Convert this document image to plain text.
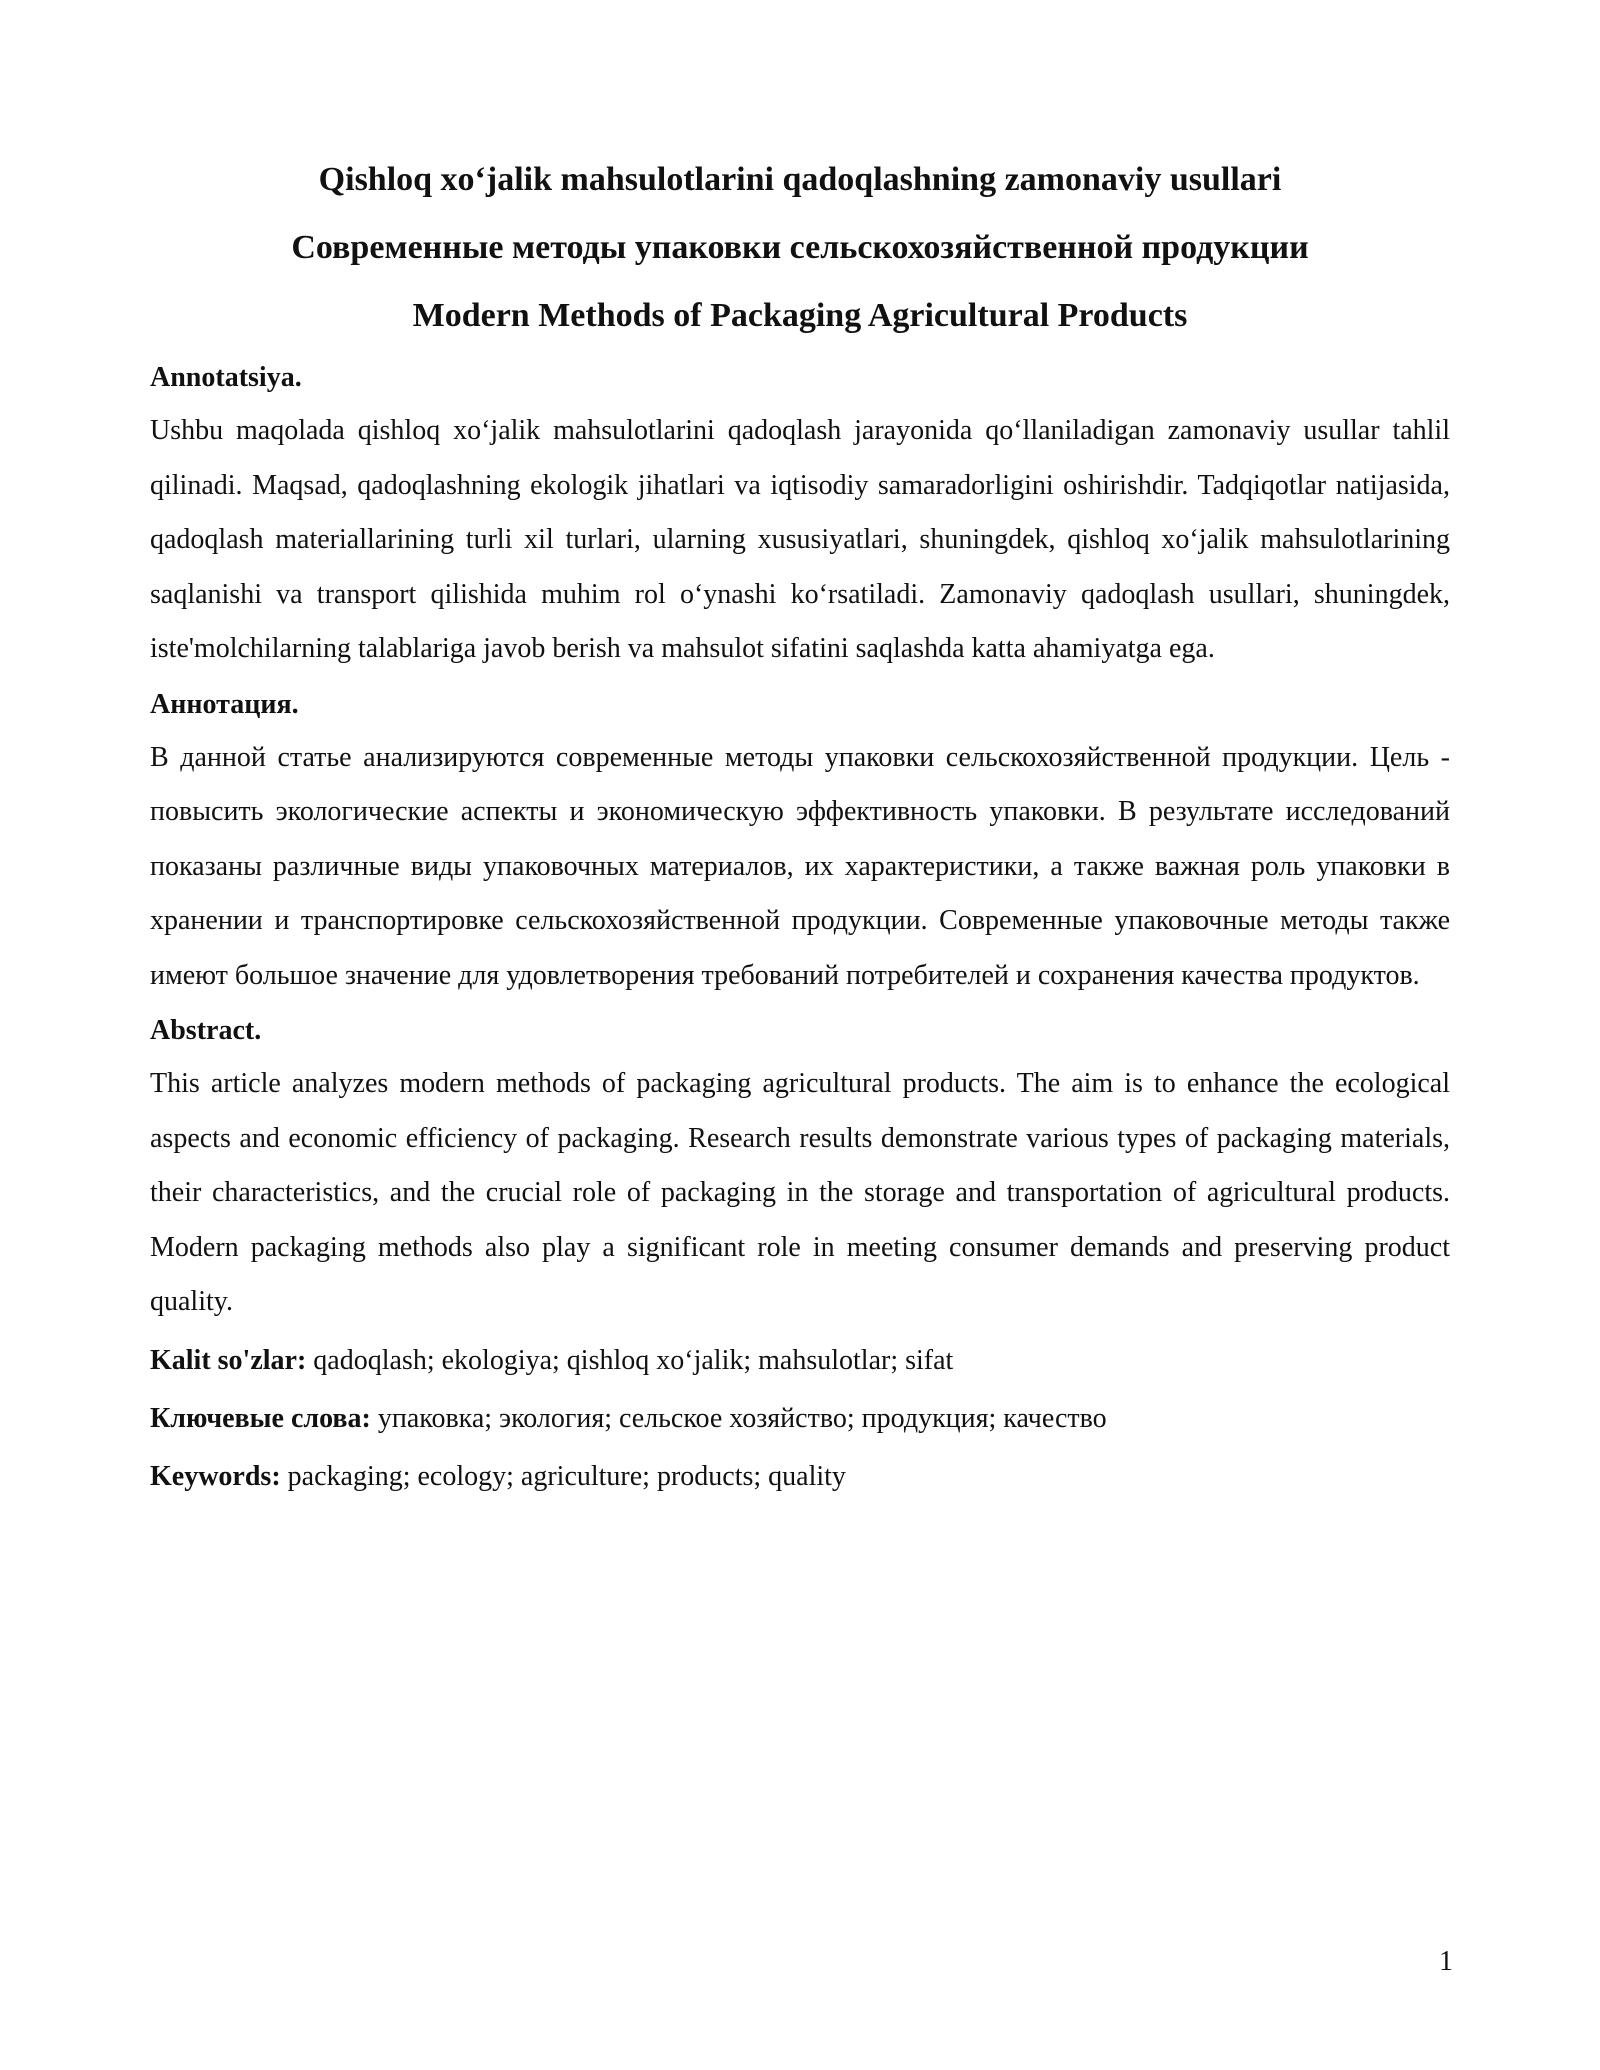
Qishloq xo‘jalik mahsulotlarini qadoqlashning zamonaviy usullari
Современные методы упаковки сельскохозяйственной продукции
Modern Methods of Packaging Agricultural Products
Annotatsiya.

Ushbu maqolada qishloq xo‘jalik mahsulotlarini qadoqlash jarayonida qo‘llaniladigan zamonaviy usullar tahlil qilinadi. Maqsad, qadoqlashning ekologik jihatlari va iqtisodiy samaradorligini oshirishdir. Tadqiqotlar natijasida, qadoqlash materiallarining turli xil turlari, ularning xususiyatlari, shuningdek, qishloq xo‘jalik mahsulotlarining saqlanishi va transport qilishida muhim rol o‘ynashi ko‘rsatiladi. Zamonaviy qadoqlash usullari, shuningdek, iste'molchilarning talablariga javob berish va mahsulot sifatini saqlashda katta ahamiyatga ega.

Аннотация.

В данной статье анализируются современные методы упаковки сельскохозяйственной продукции. Цель - повысить экологические аспекты и экономическую эффективность упаковки. В результате исследований показаны различные виды упаковочных материалов, их характеристики, а также важная роль упаковки в хранении и транспортировке сельскохозяйственной продукции. Современные упаковочные методы также имеют большое значение для удовлетворения требований потребителей и сохранения качества продуктов.

Abstract.

This article analyzes modern methods of packaging agricultural products. The aim is to enhance the ecological aspects and economic efficiency of packaging. Research results demonstrate various types of packaging materials, their characteristics, and the crucial role of packaging in the storage and transportation of agricultural products. Modern packaging methods also play a significant role in meeting consumer demands and preserving product quality.

Kalit so'zlar: qadoqlash; ekologiya; qishloq xo‘jalik; mahsulotlar; sifat

Ключевые слова: упаковка; экология; сельское хозяйство; продукция; качество

Keywords: packaging; ecology; agriculture; products; quality

1
